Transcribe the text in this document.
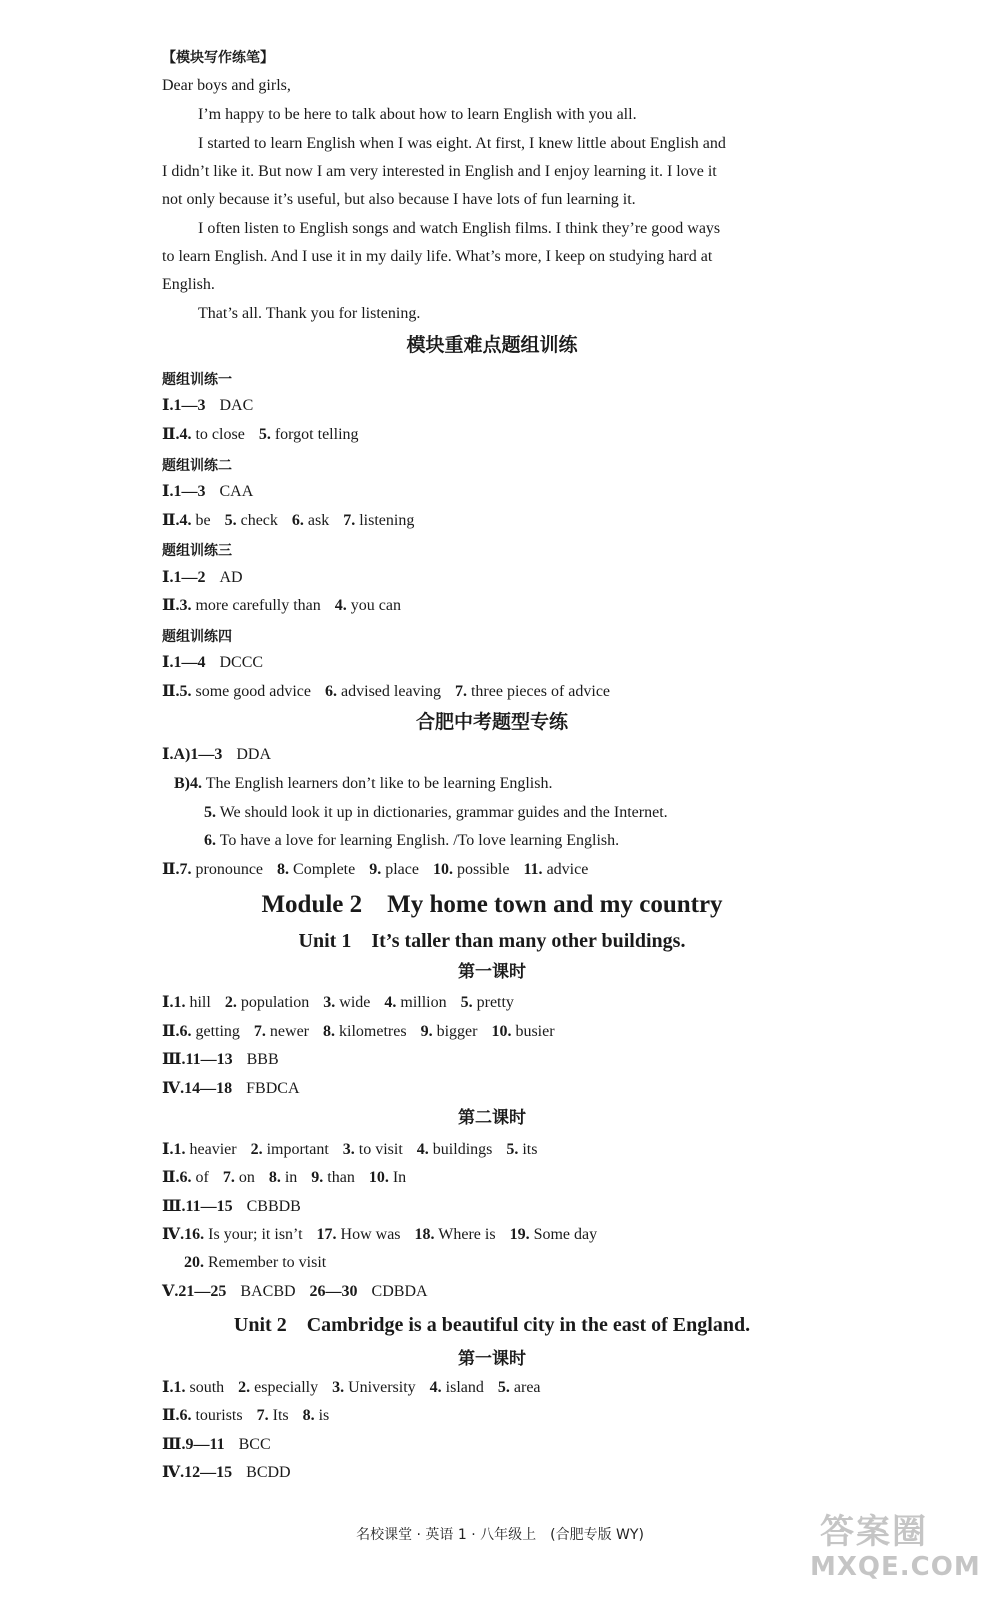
【模块写作练笔】
Dear boys and girls,
I’m happy to be here to talk about how to learn English with you all.
I started to learn English when I was eight. At first, I knew little about English and
I didn’t like it. But now I am very interested in English and I enjoy learning it. I love it
not only because it’s useful, but also because I have lots of fun learning it.
I often listen to English songs and watch English films. I think they’re good ways
to learn English. And I use it in my daily life. What’s more, I keep on studying hard at
English.
That’s all. Thank you for listening.
模块重难点题组训练
题组训练一
Ⅰ.1—3 DAC
Ⅱ.4. to close 5. forgot telling
题组训练二
Ⅰ.1—3 CAA
Ⅱ.4. be 5. check 6. ask 7. listening
题组训练三
Ⅰ.1—2 AD
Ⅱ.3. more carefully than 4. you can
题组训练四
Ⅰ.1—4 DCCC
Ⅱ.5. some good advice 6. advised leaving 7. three pieces of advice
合肥中考题型专练
Ⅰ.A)1—3 DDA
B)4. The English learners don’t like to be learning English.
5. We should look it up in dictionaries, grammar guides and the Internet.
6. To have a love for learning English. /To love learning English.
Ⅱ.7. pronounce 8. Complete 9. place 10. possible 11. advice
Module 2    My home town and my country
Unit 1    It’s taller than many other buildings.
第一课时
Ⅰ.1. hill 2. population 3. wide 4. million 5. pretty
Ⅱ.6. getting 7. newer 8. kilometres 9. bigger 10. busier
Ⅲ.11—13 BBB
Ⅳ.14—18 FBDCA
第二课时
Ⅰ.1. heavier 2. important 3. to visit 4. buildings 5. its
Ⅱ.6. of 7. on 8. in 9. than 10. In
Ⅲ.11—15 CBBDB
Ⅳ.16. Is your; it isn’t 17. How was 18. Where is 19. Some day
20. Remember to visit
Ⅴ.21—25 BACBD 26—30 CDBDA
Unit 2    Cambridge is a beautiful city in the east of England.
第一课时
Ⅰ.1. south 2. especially 3. University 4. island 5. area
Ⅱ.6. tourists 7. Its 8. is
Ⅲ.9—11 BCC
Ⅳ.12—15 BCDD
名校课堂 · 英语 1 · 八年级上　(合肥专版 WY)	答案圈
MXQE.COM
